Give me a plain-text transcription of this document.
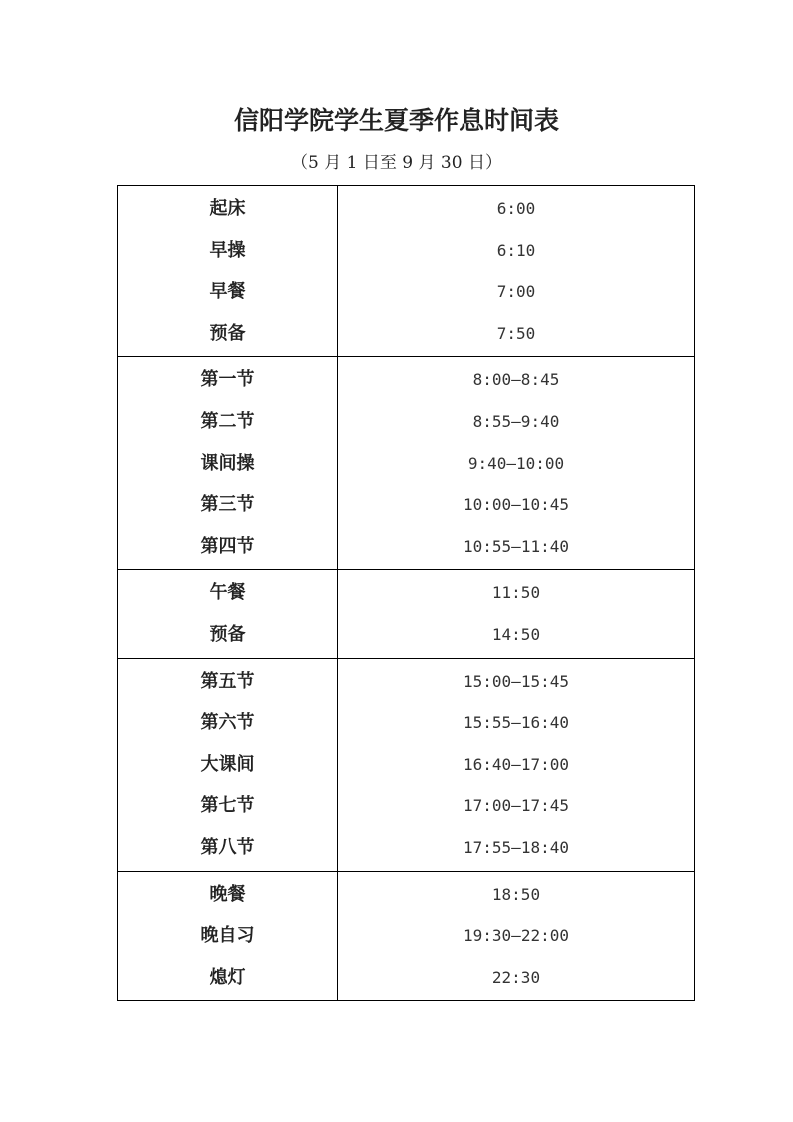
信阳学院学生夏季作息时间表
（5 月 1 日至 9 月 30 日）
起床	6:00
早操	6:10
早餐	7:00
预备	7:50
第一节	8:00—8:45
第二节	8:55—9:40
课间操	9:40—10:00
第三节	10:00—10:45
第四节	10:55—11:40
午餐	11:50
预备	14:50
第五节	15:00—15:45
第六节	15:55—16:40
大课间	16:40—17:00
第七节	17:00—17:45
第八节	17:55—18:40
晚餐	18:50
晚自习	19:30—22:00
熄灯	22:30
